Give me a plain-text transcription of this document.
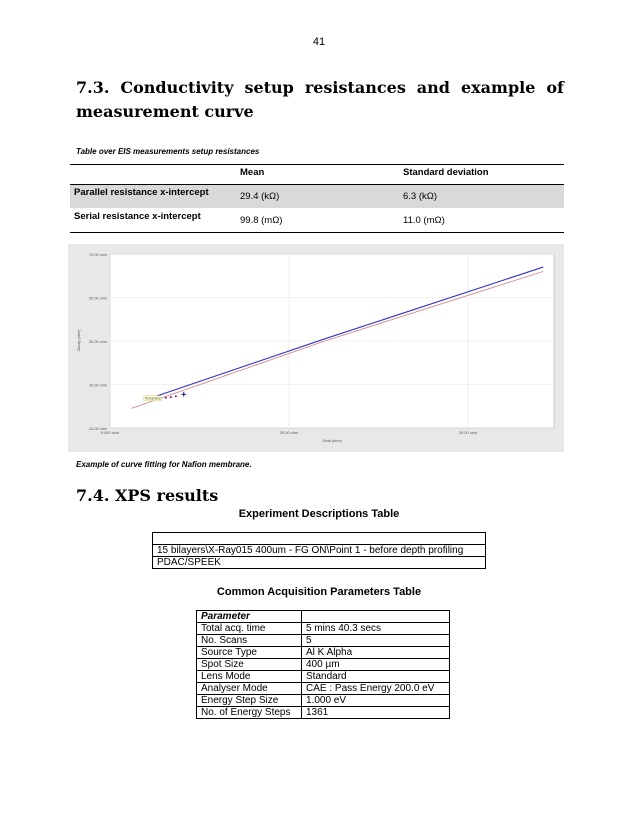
41
7.3. Conductivity setup resistances and example of
measurement curve
Table over EIS measurements setup resistances
	Mean	Standard deviation
Parallel resistance x-intercept	29.4 (kΩ)	6.3 (kΩ)
Serial resistance x-intercept	99.8 (mΩ)	11.0 (mΩ)
-10.00 ohm
10.00 ohm
30.00 ohm
50.00 ohm
70.00 ohm
0.000 ohm	25.00 ohm	50.00 ohm
Zreal (ohm)
-Zimag (ohm)
Percent/ce
Example of curve fitting for Nafion membrane.
7.4. XPS results
Experiment Descriptions Table

15 bilayers\X-Ray015 400um - FG ON\Point 1 - before depth profiling
PDAC/SPEEK
Common Acquisition Parameters Table
Parameter	
Total acq. time	5 mins 40.3 secs
No. Scans	5
Source Type	Al K Alpha
Spot Size	400 µm
Lens Mode	Standard
Analyser Mode	CAE : Pass Energy 200.0 eV
Energy Step Size	1.000 eV
No. of Energy Steps	1361
